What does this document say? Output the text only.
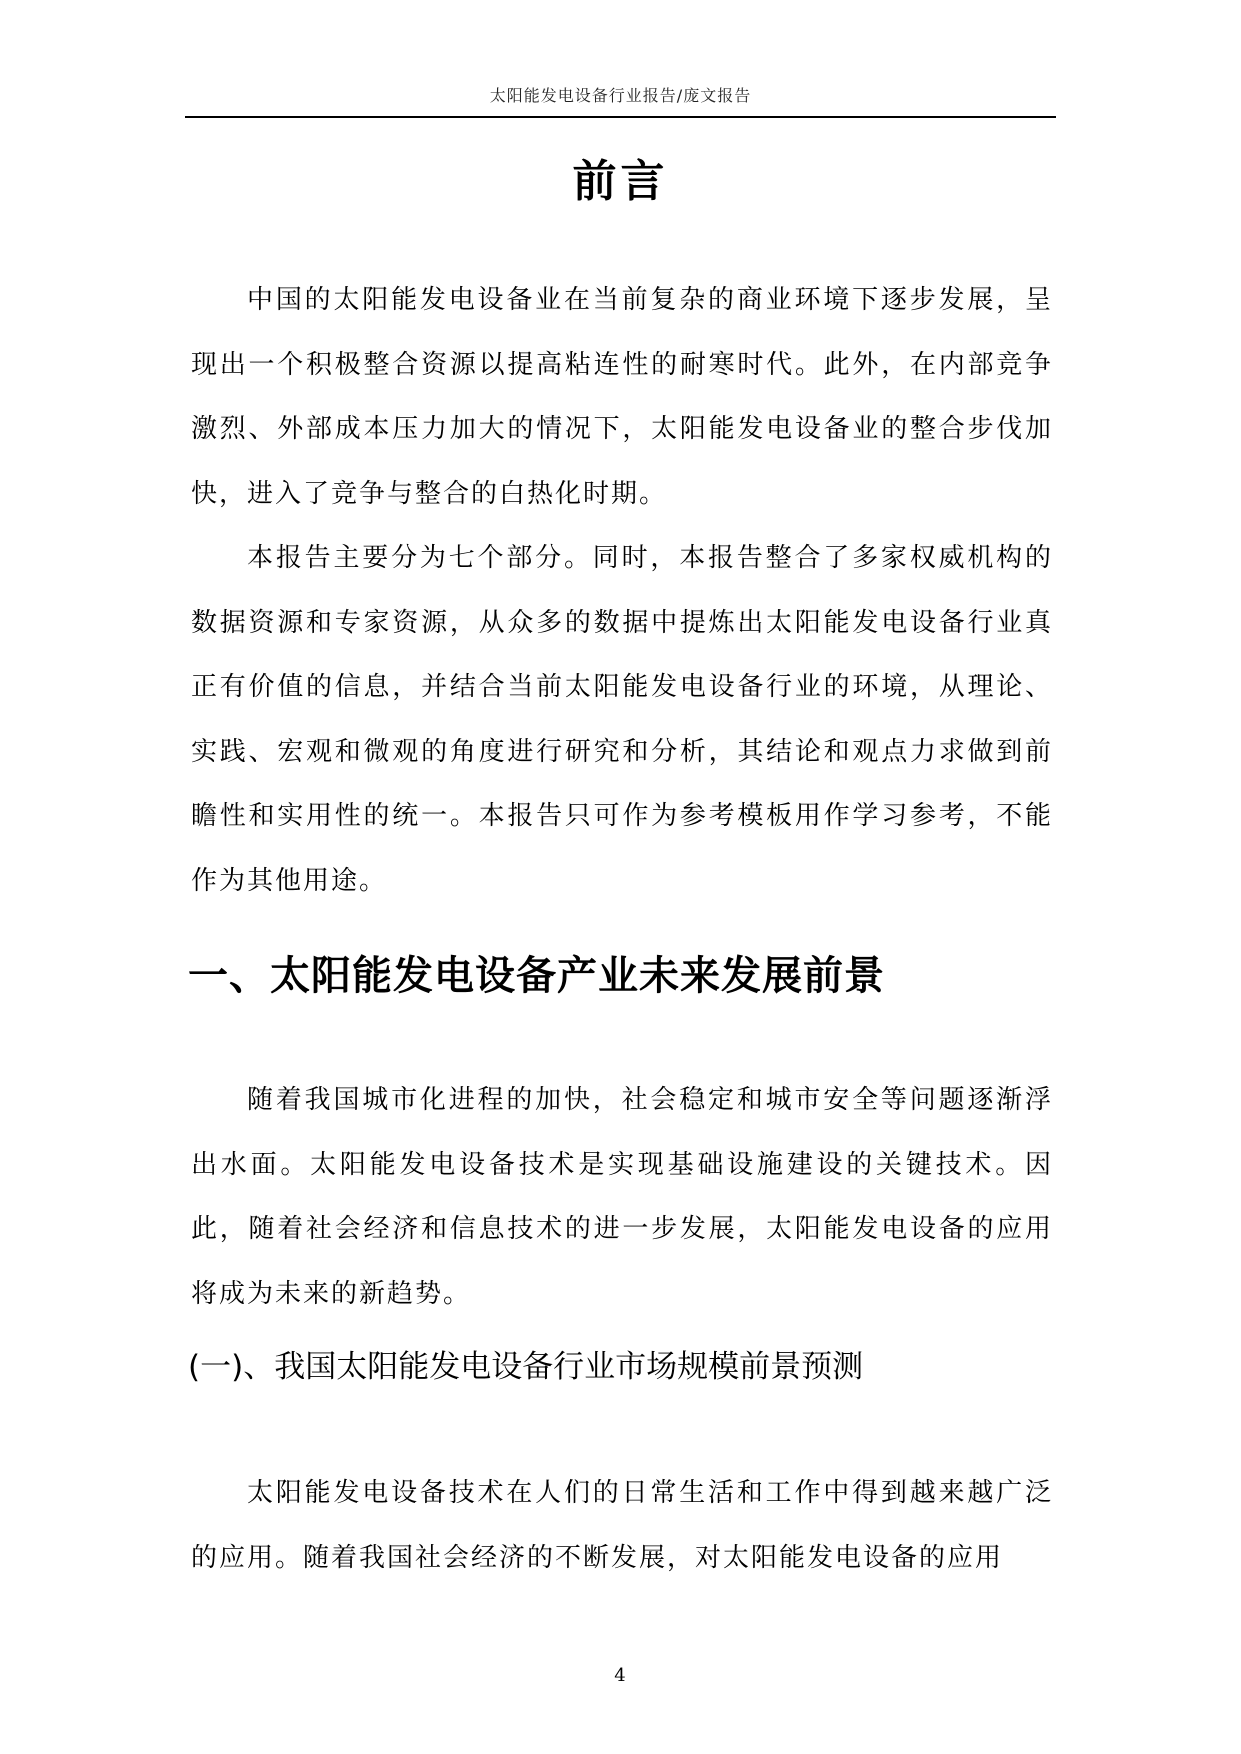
太阳能发电设备行业报告/庞文报告
前言

中国的太阳能发电设备业在当前复杂的商业环境下逐步发展，呈现出一个积极整合资源以提高粘连性的耐寒时代。此外，在内部竞争激烈、外部成本压力加大的情况下，太阳能发电设备业的整合步伐加快，进入了竞争与整合的白热化时期。

本报告主要分为七个部分。同时，本报告整合了多家权威机构的数据资源和专家资源，从众多的数据中提炼出太阳能发电设备行业真正有价值的信息，并结合当前太阳能发电设备行业的环境，从理论、实践、宏观和微观的角度进行研究和分析，其结论和观点力求做到前瞻性和实用性的统一。本报告只可作为参考模板用作学习参考，不能作为其他用途。

一、太阳能发电设备产业未来发展前景

随着我国城市化进程的加快，社会稳定和城市安全等问题逐渐浮出水面。太阳能发电设备技术是实现基础设施建设的关键技术。因此，随着社会经济和信息技术的进一步发展，太阳能发电设备的应用将成为未来的新趋势。

(一)、我国太阳能发电设备行业市场规模前景预测

太阳能发电设备技术在人们的日常生活和工作中得到越来越广泛的应用。随着我国社会经济的不断发展，对太阳能发电设备的应用

4
